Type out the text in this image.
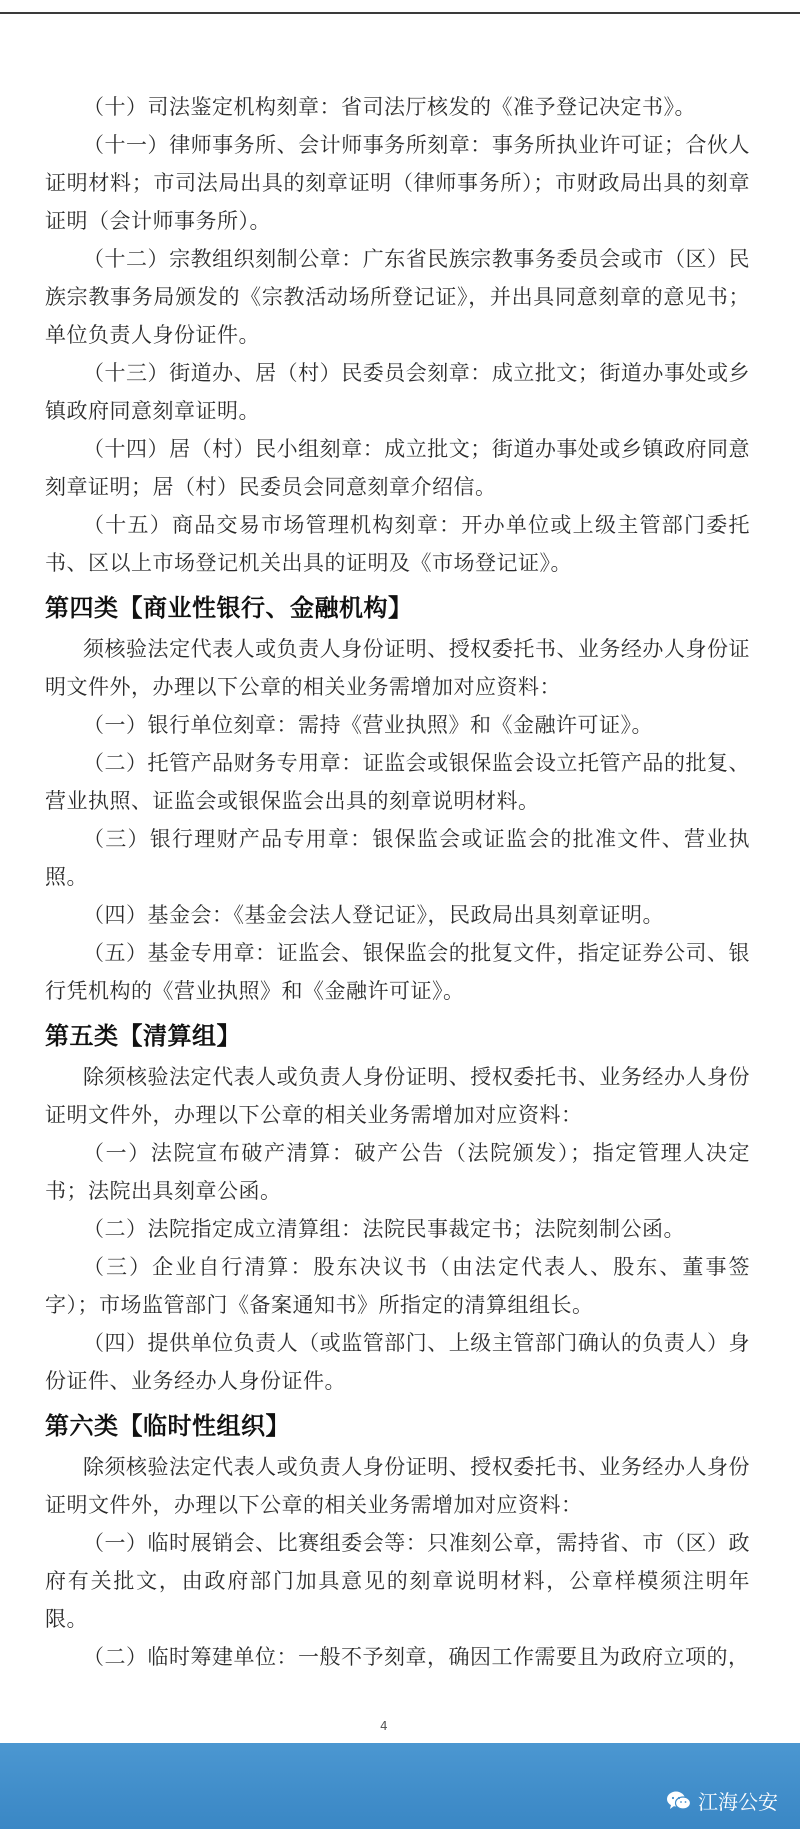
（十）司法鉴定机构刻章：省司法厅核发的《准予登记决定书》。

（十一）律师事务所、会计师事务所刻章：事务所执业许可证；合伙人证明材料；市司法局出具的刻章证明（律师事务所）；市财政局出具的刻章证明（会计师事务所）。

（十二）宗教组织刻制公章：广东省民族宗教事务委员会或市（区）民族宗教事务局颁发的《宗教活动场所登记证》，并出具同意刻章的意见书；单位负责人身份证件。

（十三）街道办、居（村）民委员会刻章：成立批文；街道办事处或乡镇政府同意刻章证明。

（十四）居（村）民小组刻章：成立批文；街道办事处或乡镇政府同意刻章证明；居（村）民委员会同意刻章介绍信。

（十五）商品交易市场管理机构刻章：开办单位或上级主管部门委托书、区以上市场登记机关出具的证明及《市场登记证》。

第四类【商业性银行、金融机构】

须核验法定代表人或负责人身份证明、授权委托书、业务经办人身份证明文件外，办理以下公章的相关业务需增加对应资料：

（一）银行单位刻章：需持《营业执照》和《金融许可证》。

（二）托管产品财务专用章：证监会或银保监会设立托管产品的批复、营业执照、证监会或银保监会出具的刻章说明材料。

（三）银行理财产品专用章：银保监会或证监会的批准文件、营业执照。

（四）基金会：《基金会法人登记证》，民政局出具刻章证明。

（五）基金专用章：证监会、银保监会的批复文件，指定证券公司、银行凭机构的《营业执照》和《金融许可证》。

第五类【清算组】

除须核验法定代表人或负责人身份证明、授权委托书、业务经办人身份证明文件外，办理以下公章的相关业务需增加对应资料：

（一）法院宣布破产清算：破产公告（法院颁发）；指定管理人决定书；法院出具刻章公函。

（二）法院指定成立清算组：法院民事裁定书；法院刻制公函。

（三）企业自行清算：股东决议书（由法定代表人、股东、董事签字）；市场监管部门《备案通知书》所指定的清算组组长。

（四）提供单位负责人（或监管部门、上级主管部门确认的负责人）身份证件、业务经办人身份证件。

第六类【临时性组织】

除须核验法定代表人或负责人身份证明、授权委托书、业务经办人身份证明文件外，办理以下公章的相关业务需增加对应资料：

（一）临时展销会、比赛组委会等：只准刻公章，需持省、市（区）政府有关批文，由政府部门加具意见的刻章说明材料，公章样模须注明年限。

（二）临时筹建单位：一般不予刻章，确因工作需要且为政府立项的，

4
江海公安
